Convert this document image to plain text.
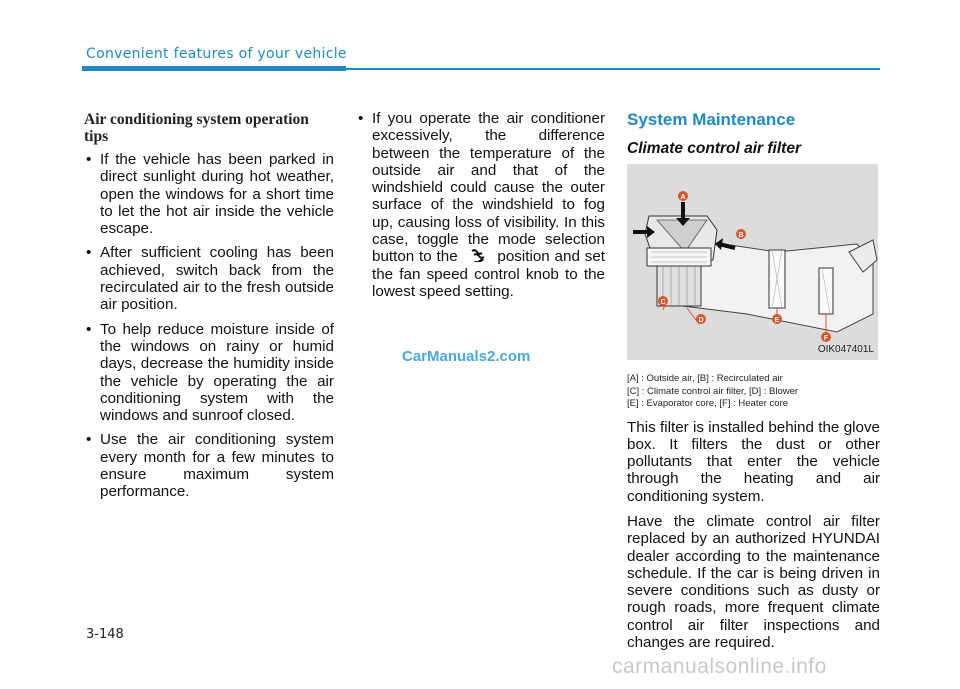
Convenient features of your vehicle
Air conditioning system operation tips
• If the vehicle has been parked in direct sunlight during hot weather, open the windows for a short time to let the hot air inside the vehicle escape.
• After sufficient cooling has been achieved, switch back from the recirculated air to the fresh outside air position.
• To help reduce moisture inside of the windows on rainy or humid days, decrease the humidity inside the vehicle by operating the air conditioning system with the windows and sunroof closed.
• Use the air conditioning system every month for a few minutes to ensure maximum system performance.
• If you operate the air conditioner excessively, the difference between the temperature of the outside air and that of the windshield could cause the outer surface of the windshield to fog up, causing loss of visibility. In this case, toggle the mode selection button to the	position and set the fan speed control knob to the lowest speed setting.
System Maintenance
Climate control air filter
A
B
C
D	E
F
OIK047401L
[A] : Outside air, [B] : Recirculated air
[C] : Climate control air filter, [D] : Blower
[E] : Evaporator core, [F] : Heater core

This filter is installed behind the glove box. It filters the dust or other pollutants that enter the vehicle through the heating and air conditioning system.

Have the climate control air filter replaced by an authorized HYUNDAI dealer according to the maintenance schedule. If the car is being driven in severe conditions such as dusty or rough roads, more frequent climate control air filter inspections and changes are required.

CarManuals2.com
3-148
carmanualsonline.info
